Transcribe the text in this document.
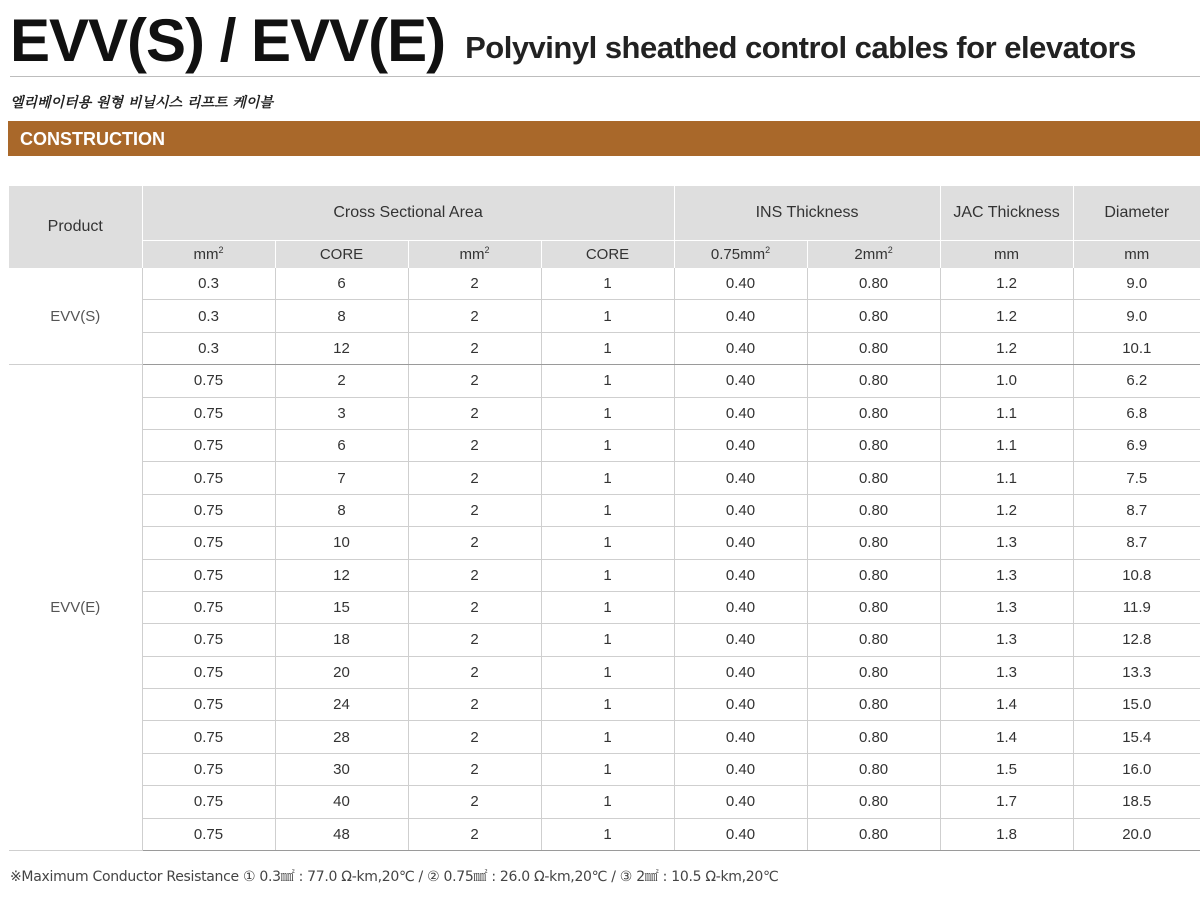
EVV(S) / EVV(E) Polyvinyl sheathed control cables for elevators
엘리베이터용 원형 비닐시스 리프트 케이블
CONSTRUCTION
Product	Cross Sectional Area				INS Thickness		JAC Thickness	Diameter
	$mm^2$	CORE	$mm^2$	CORE	$0.75mm^2$	$2mm^2$	mm	mm
EVV(S)	0.3	6	2	1	0.40	0.80	1.2	9.0
	0.3	8	2	1	0.40	0.80	1.2	9.0
	0.3	12	2	1	0.40	0.80	1.2	10.1
EVV(E)	0.75	2	2	1	0.40	0.80	1.0	6.2
	0.75	3	2	1	0.40	0.80	1.1	6.8
	0.75	6	2	1	0.40	0.80	1.1	6.9
	0.75	7	2	1	0.40	0.80	1.1	7.5
	0.75	8	2	1	0.40	0.80	1.2	8.7
	0.75	10	2	1	0.40	0.80	1.3	8.7
	0.75	12	2	1	0.40	0.80	1.3	10.8
	0.75	15	2	1	0.40	0.80	1.3	11.9
	0.75	18	2	1	0.40	0.80	1.3	12.8
	0.75	20	2	1	0.40	0.80	1.3	13.3
	0.75	24	2	1	0.40	0.80	1.4	15.0
	0.75	28	2	1	0.40	0.80	1.4	15.4
	0.75	30	2	1	0.40	0.80	1.5	16.0
	0.75	40	2	1	0.40	0.80	1.7	18.5
	0.75	48	2	1	0.40	0.80	1.8	20.0
※Maximum Conductor Resistance ① 0.3㎟ : 77.0 Ω-km,20℃ / ② 0.75㎟ : 26.0 Ω-km,20℃ / ③ 2㎟ : 10.5 Ω-km,20℃
